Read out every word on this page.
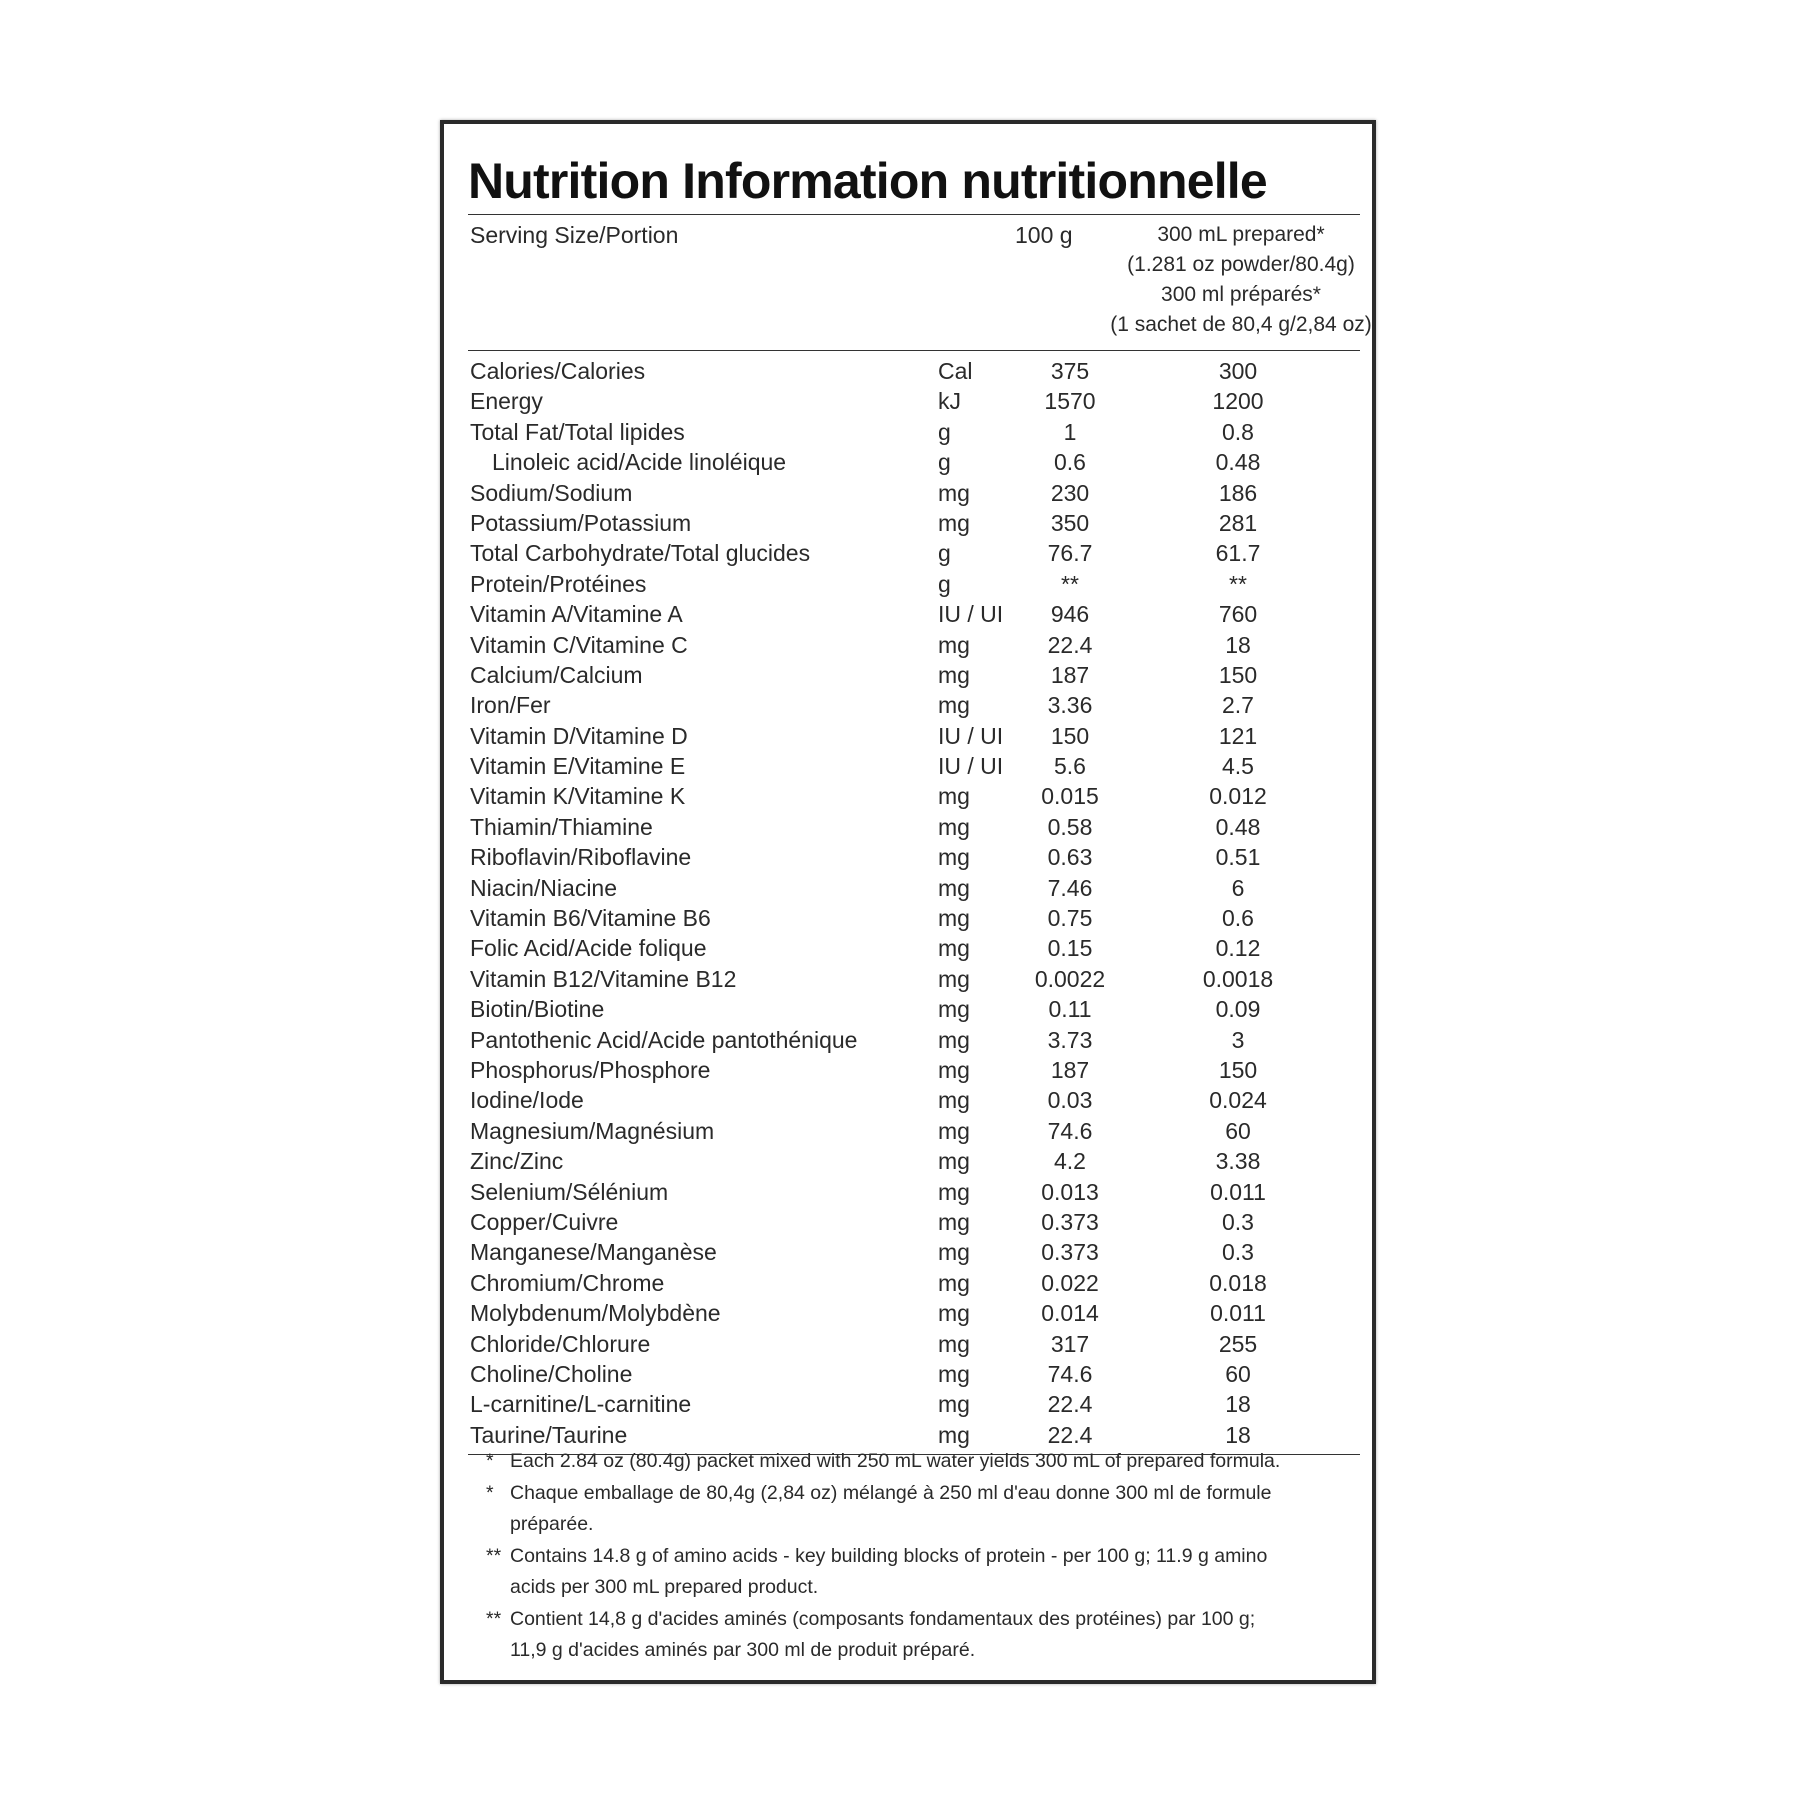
Nutrition Information nutritionnelle
Serving Size/Portion	100 g	300 mL prepared*
(1.281 oz powder/80.4g)
300 ml préparés*
(1 sachet de 80,4 g/2,84 oz)
Calories/Calories	Cal	375	300
Energy	kJ	1570	1200
Total Fat/Total lipides	g	1	0.8
Linoleic acid/Acide linoléique	g	0.6	0.48
Sodium/Sodium	mg	230	186
Potassium/Potassium	mg	350	281
Total Carbohydrate/Total glucides	g	76.7	61.7
Protein/Protéines	g	**	**
Vitamin A/Vitamine A	IU / UI	946	760
Vitamin C/Vitamine C	mg	22.4	18
Calcium/Calcium	mg	187	150
Iron/Fer	mg	3.36	2.7
Vitamin D/Vitamine D	IU / UI	150	121
Vitamin E/Vitamine E	IU / UI	5.6	4.5
Vitamin K/Vitamine K	mg	0.015	0.012
Thiamin/Thiamine	mg	0.58	0.48
Riboflavin/Riboflavine	mg	0.63	0.51
Niacin/Niacine	mg	7.46	6
Vitamin B6/Vitamine B6	mg	0.75	0.6
Folic Acid/Acide folique	mg	0.15	0.12
Vitamin B12/Vitamine B12	mg	0.0022	0.0018
Biotin/Biotine	mg	0.11	0.09
Pantothenic Acid/Acide pantothénique	mg	3.73	3
Phosphorus/Phosphore	mg	187	150
Iodine/Iode	mg	0.03	0.024
Magnesium/Magnésium	mg	74.6	60
Zinc/Zinc	mg	4.2	3.38
Selenium/Sélénium	mg	0.013	0.011
Copper/Cuivre	mg	0.373	0.3
Manganese/Manganèse	mg	0.373	0.3
Chromium/Chrome	mg	0.022	0.018
Molybdenum/Molybdène	mg	0.014	0.011
Chloride/Chlorure	mg	317	255
Choline/Choline	mg	74.6	60
L-carnitine/L-carnitine	mg	22.4	18
Taurine/Taurine	mg	22.4	18
* Each 2.84 oz (80.4g) packet mixed with 250 mL water yields 300 mL of prepared formula.
* Chaque emballage de 80,4g (2,84 oz) mélangé à 250 ml d'eau donne 300 ml de formule
préparée.
** Contains 14.8 g of amino acids - key building blocks of protein - per 100 g; 11.9 g amino
acids per 300 mL prepared product.
** Contient 14,8 g d'acides aminés (composants fondamentaux des protéines) par 100 g;
11,9 g d'acides aminés par 300 ml de produit préparé.
